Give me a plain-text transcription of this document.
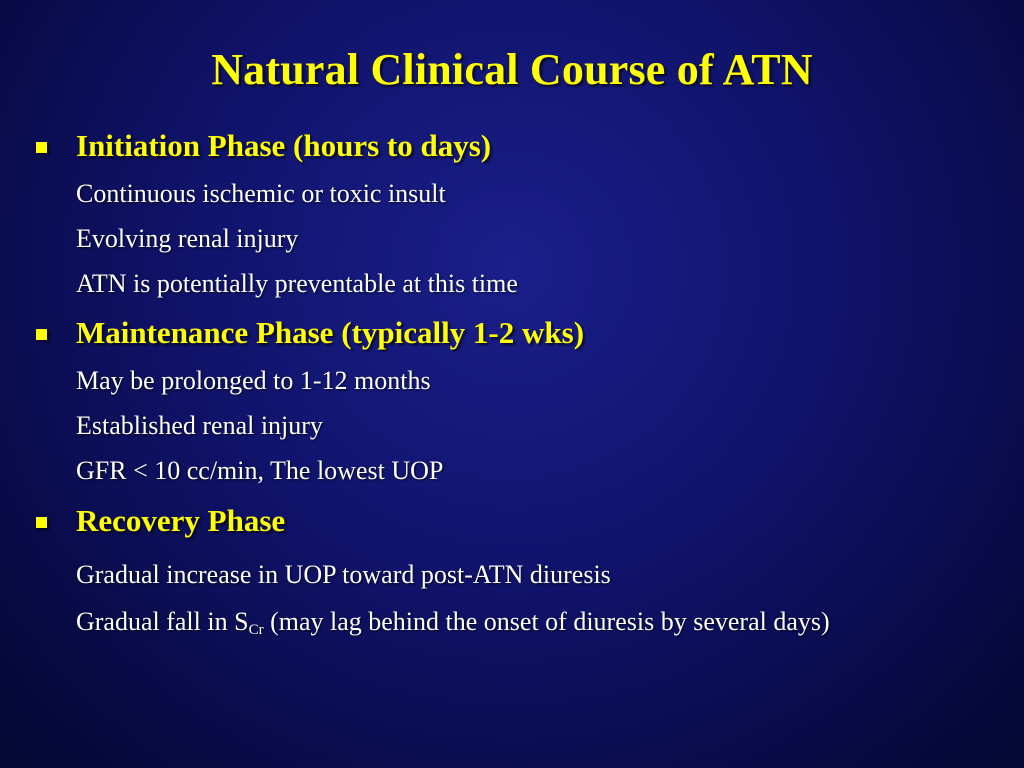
Natural Clinical Course of ATN
Initiation Phase (hours to days)
Continuous ischemic or toxic insult
Evolving renal injury
ATN is potentially preventable at this time
Maintenance Phase (typically 1-2 wks)
May be prolonged to 1-12 months
Established renal injury
GFR < 10 cc/min, The lowest UOP
Recovery Phase
Gradual increase in UOP toward post-ATN diuresis
Gradual fall in $S_{Cr}$ (may lag behind the onset of diuresis by several days)
